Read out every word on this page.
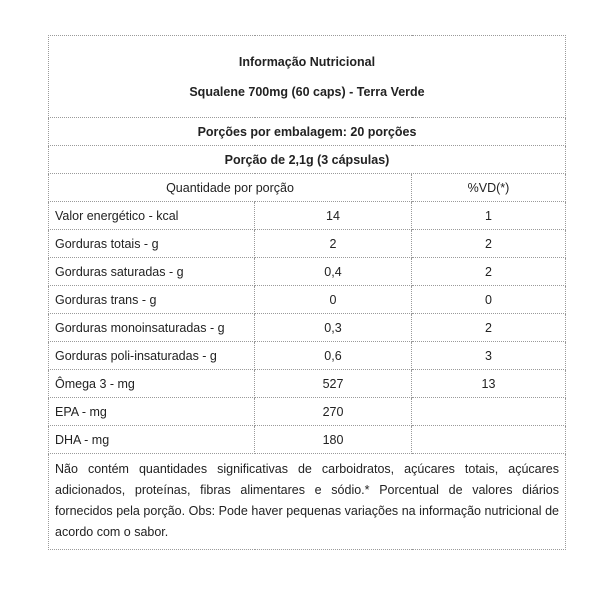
Informação Nutricional
Squalene 700mg (60 caps) - Terra Verde		

Porções por embalagem: 20 porções		
Porção de 2,1g (3 cápsulas)		
Quantidade por porção		%VD(*)
Valor energético - kcal	14	1
Gorduras totais - g	2	2
Gorduras saturadas - g	0,4	2
Gorduras trans - g	0	0
Gorduras monoinsaturadas - g	0,3	2
Gorduras poli-insaturadas - g	0,6	3
Ômega 3 - mg	527	13
EPA - mg	270	
DHA - mg	180	
Não contém quantidades significativas de carboidratos, açúcares totais, açúcares adicionados, proteínas, fibras alimentares e sódio.* Porcentual de valores diários fornecidos pela porção. Obs: Pode haver pequenas variações na informação nutricional de acordo com o sabor.		
